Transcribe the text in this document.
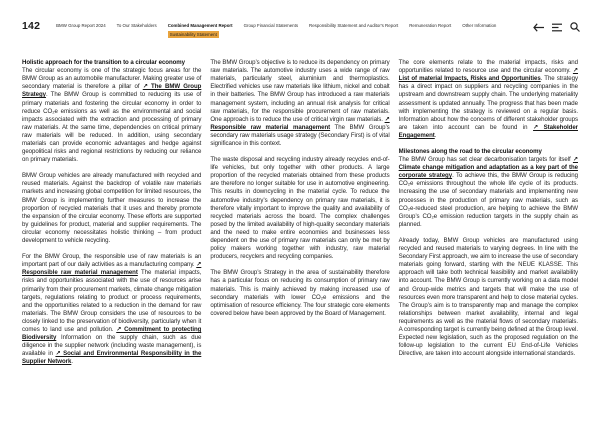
142	BMW Group Report 2024	To Our Stakeholders	Combined Management Report
Sustainability Statement
Group Financial Statements	Responsibility Statement and Auditor's Report	Remuneration Report	Other Information
Holistic approach for the transition to a circular economy

The circular economy is one of the strategic focus areas for the BMW Group as an automobile manufacturer. Making greater use of secondary material is therefore a pillar of ↗ The BMW Group Strategy. The BMW Group is committed to reducing its use of primary materials and fostering the circular economy in order to reduce CO₂e emissions as well as the environmental and social impacts associated with the extraction and processing of primary raw materials. At the same time, dependencies on critical primary raw materials will be reduced. In addition, using secondary materials can provide economic advantages and hedge against geopolitical risks and regional restrictions by reducing our reliance on primary materials.

BMW Group vehicles are already manufactured with recycled and reused materials. Against the backdrop of volatile raw materials markets and increasing global competition for limited resources, the BMW Group is implementing further measures to increase the proportion of recycled materials that it uses and thereby promote the expansion of the circular economy. These efforts are supported by guidelines for product, material and supplier requirements. The circular economy necessitates holistic thinking – from product development to vehicle recycling.

For the BMW Group, the responsible use of raw materials is an important part of our daily activities as a manufacturing company. ↗ Responsible raw material management The material impacts, risks and opportunities associated with the use of resources arise primarily from their procurement markets, climate change mitigation targets, regulations relating to product or process requirements, and the opportunities related to a reduction in the demand for raw materials. The BMW Group considers the use of resources to be closely linked to the preservation of biodiversity, particularly when it comes to land use and pollution. ↗ Commitment to protecting Biodiversity Information on the supply chain, such as due diligence in the supplier network (including waste management), is available in ↗ Social and Environmental Responsibility in the Supplier Network.

The BMW Group’s objective is to reduce its dependency on primary raw materials. The automotive industry uses a wide range of raw materials, particularly steel, aluminium and thermoplastics. Electrified vehicles use raw materials like lithium, nickel and cobalt in their batteries. The BMW Group has introduced a raw materials management system, including an annual risk analysis for critical raw materials, for the responsible procurement of raw materials. One approach is to reduce the use of critical virgin raw materials. ↗ Responsible raw material management The BMW Group’s secondary raw materials usage strategy (Secondary First) is of vital significance in this context.

The waste disposal and recycling industry already recycles end-of-life vehicles, but only together with other products. A large proportion of the recycled materials obtained from these products are therefore no longer suitable for use in automotive engineering. This results in downcycling in the material cycle. To reduce the automotive industry’s dependency on primary raw materials, it is therefore vitally important to improve the quality and availability of recycled materials across the board. The complex challenges posed by the limited availability of high-quality secondary materials and the need to make entire economies and businesses less dependent on the use of primary raw materials can only be met by policy makers working together with industry, raw material producers, recyclers and recycling companies.

The BMW Group’s Strategy in the area of sustainability therefore has a particular focus on reducing its consumption of primary raw materials. This is mainly achieved by making increased use of secondary materials with lower CO₂e emissions and the optimisation of resource efficiency. The four strategic core elements covered below have been approved by the Board of Management.

The core elements relate to the material impacts, risks and opportunities related to resource use and the circular economy. ↗ List of material Impacts, Risks and Opportunities. The strategy has a direct impact on suppliers and recycling companies in the upstream and downstream supply chain. The underlying materiality assessment is updated annually. The progress that has been made with implementing the strategy is reviewed on a regular basis. Information about how the concerns of different stakeholder groups are taken into account can be found in ↗ Stakeholder Engagement.

Milestones along the road to the circular economy

The BMW Group has set clear decarbonisation targets for itself ↗ Climate change mitigation and adaptation as a key part of the corporate strategy. To achieve this, the BMW Group is reducing CO₂e emissions throughout the whole life cycle of its products. Increasing the use of secondary materials and implementing new processes in the production of primary raw materials, such as CO₂e-reduced steel production, are helping to achieve the BMW Group’s CO₂e emission reduction targets in the supply chain as planned.

Already today, BMW Group vehicles are manufactured using recycled and reused materials to varying degrees. In line with the Secondary First approach, we aim to increase the use of secondary materials going forward, starting with the NEUE KLASSE. This approach will take both technical feasibility and market availability into account. The BMW Group is currently working on a data model and Group-wide metrics and targets that will make the use of resources even more transparent and help to close material cycles. The Group’s aim is to transparently map and manage the complex relationships between market availability, internal and legal requirements as well as the material flows of secondary materials. A corresponding target is currently being defined at the Group level. Expected new legislation, such as the proposed regulation on the follow-up legislation to the current EU End-of-Life Vehicles Directive, are taken into account alongside international standards.
